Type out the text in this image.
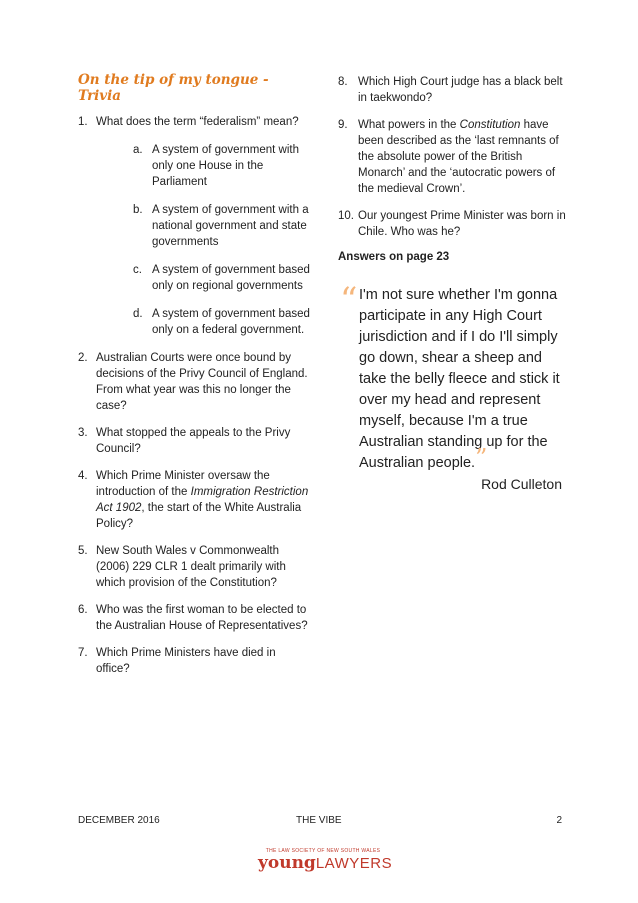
On the tip of my tongue - Trivia
1. What does the term “federalism” mean?
a. A system of government with only one House in the Parliament
b. A system of government with a national government and state governments
c. A system of government based only on regional governments
d. A system of government based only on a federal government.
2. Australian Courts were once bound by decisions of the Privy Council of England. From what year was this no longer the case?
3. What stopped the appeals to the Privy Council?
4. Which Prime Minister oversaw the introduction of the Immigration Restriction Act 1902, the start of the White Australia Policy?
5. New South Wales v Commonwealth (2006) 229 CLR 1 dealt primarily with which provision of the Constitution?
6. Who was the first woman to be elected to the Australian House of Representatives?
7. Which Prime Ministers have died in office?
8. Which High Court judge has a black belt in taekwondo?
9. What powers in the Constitution have been described as the ‘last remnants of the absolute power of the British Monarch’ and the ‘autocratic powers of the medieval Crown’.
10. Our youngest Prime Minister was born in Chile. Who was he?
Answers on page 23
“ I'm not sure whether I'm gonna participate in any High Court jurisdiction and if I do I'll simply go down, shear a sheep and take the belly fleece and stick it over my head and represent myself, because I'm a true Australian standing up for the Australian people.”
Rod Culleton
DECEMBER 2016	THE VIBE	2
THE LAW SOCIETY OF NEW SOUTH WALES
youngLAWYERS
